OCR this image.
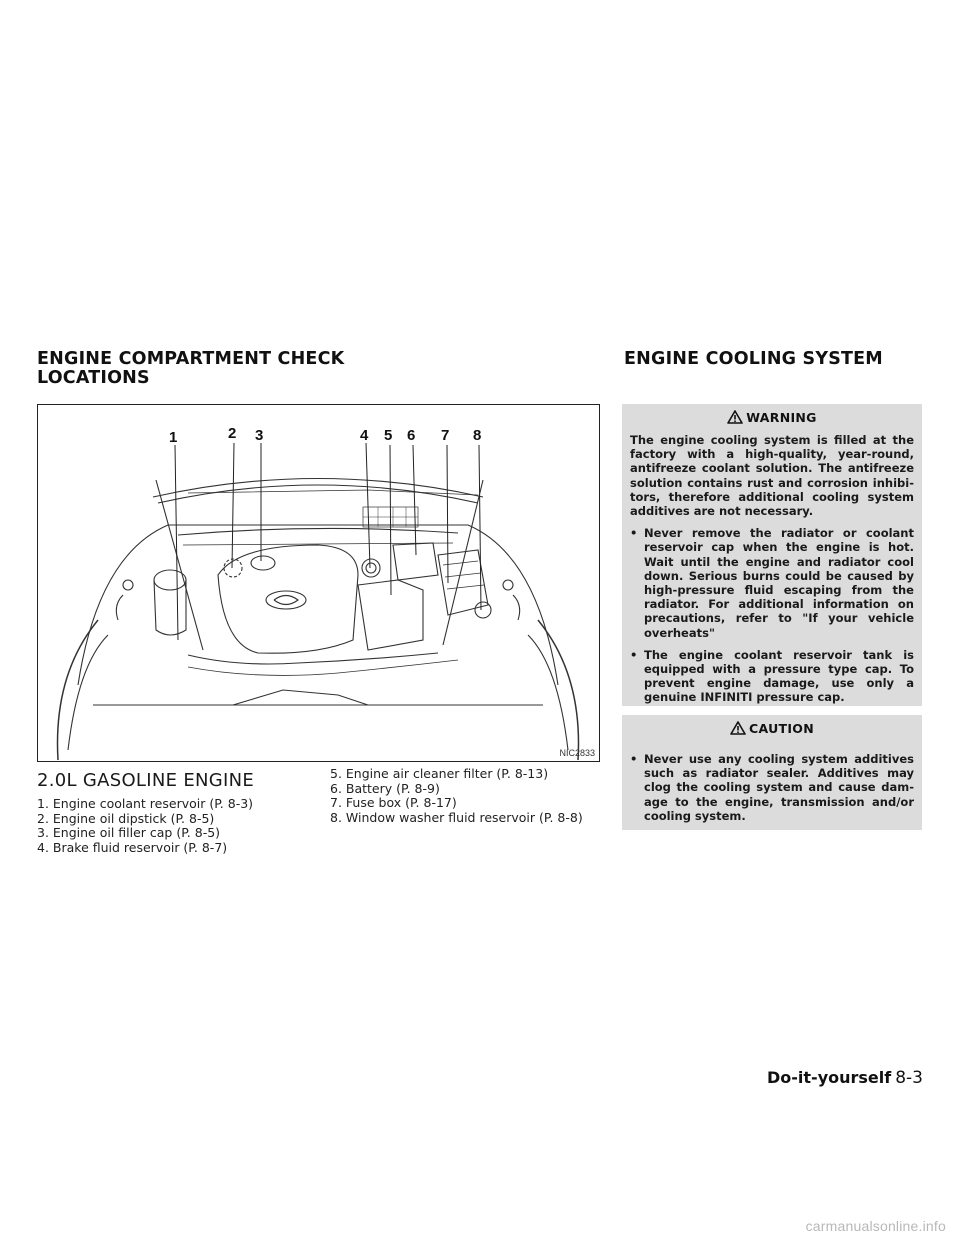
ENGINE COMPARTMENT CHECK LOCATIONS
ENGINE COOLING SYSTEM
1	2 3	4 5 6 7 8
NIC2833
2.0L GASOLINE ENGINE
1. Engine coolant reservoir (P. 8-3)
2. Engine oil dipstick (P. 8-5)
3. Engine oil filler cap (P. 8-5)
4. Brake fluid reservoir (P. 8-7)
5. Engine air cleaner filter (P. 8-13)
6. Battery (P. 8-9)
7. Fuse box (P. 8-17)
8. Window washer fluid reservoir (P. 8-8)
WARNING
The engine cooling system is filled at the factory with a high-quality, year-round, antifreeze coolant solution. The antifreeze solution contains rust and corrosion inhibi-tors, therefore additional cooling system additives are not necessary.
• Never remove the radiator or coolant reservoir cap when the engine is hot. Wait until the engine and radiator cool down. Serious burns could be caused by high-pressure fluid escaping from the radiator. For additional information on precautions, refer to "If your vehicle overheats"
• The engine coolant reservoir tank is equipped with a pressure type cap. To prevent engine damage, use only a genuine INFINITI pressure cap.
CAUTION
• Never use any cooling system additives such as radiator sealer. Additives may clog the cooling system and cause dam-age to the engine, transmission and/or cooling system.
Do-it-yourself 8-3
carmanualsonline.info
